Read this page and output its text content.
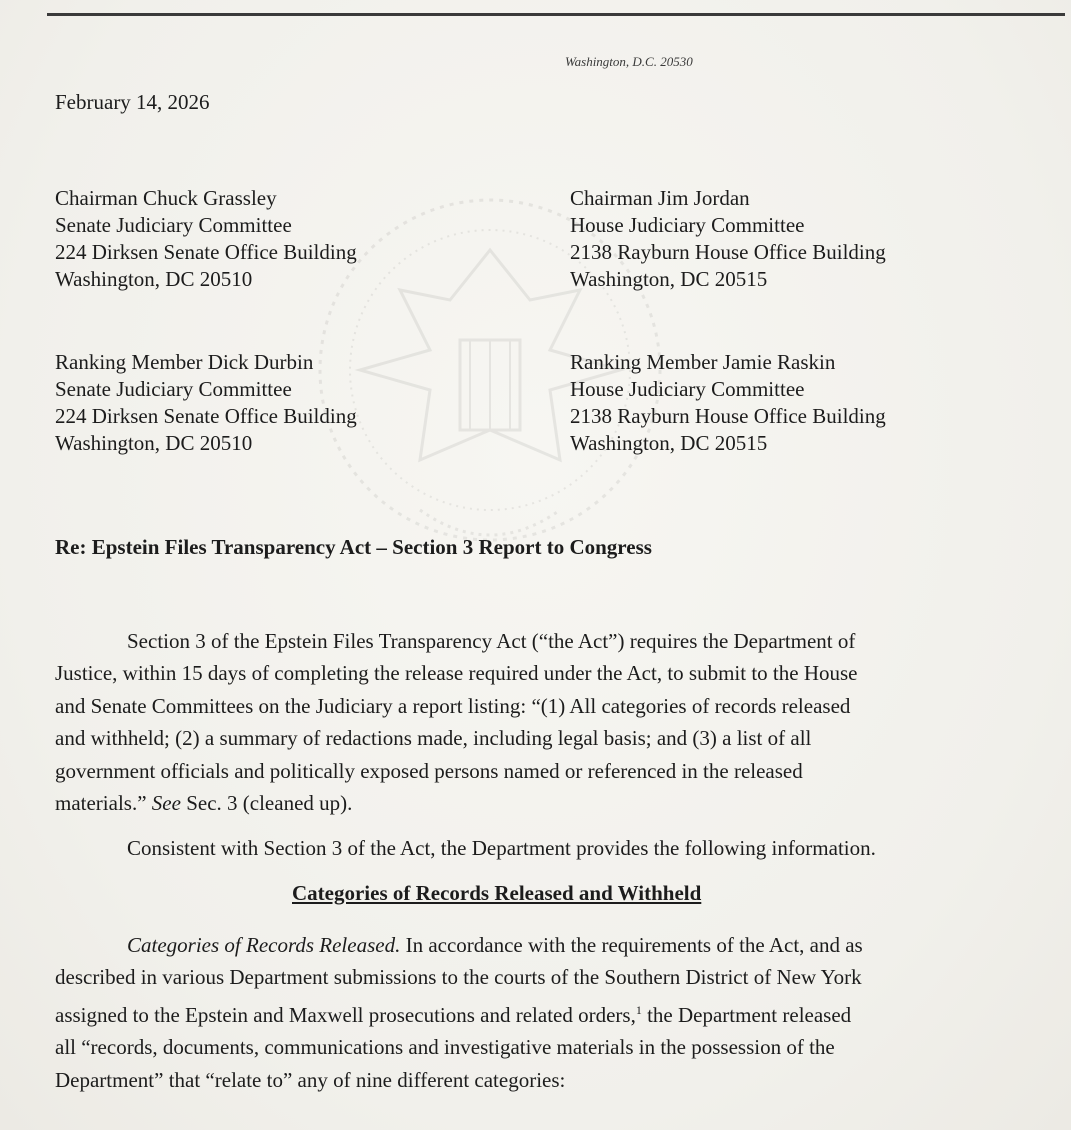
Washington, D.C. 20530
February 14, 2026
Chairman Chuck Grassley
Senate Judiciary Committee
224 Dirksen Senate Office Building
Washington, DC 20510
Chairman Jim Jordan
House Judiciary Committee
2138 Rayburn House Office Building
Washington, DC 20515
Ranking Member Dick Durbin
Senate Judiciary Committee
224 Dirksen Senate Office Building
Washington, DC 20510
Ranking Member Jamie Raskin
House Judiciary Committee
2138 Rayburn House Office Building
Washington, DC 20515
Re: Epstein Files Transparency Act – Section 3 Report to Congress
Section 3 of the Epstein Files Transparency Act (“the Act”) requires the Department of
Justice, within 15 days of completing the release required under the Act, to submit to the House
and Senate Committees on the Judiciary a report listing: “(1) All categories of records released
and withheld; (2) a summary of redactions made, including legal basis; and (3) a list of all
government officials and politically exposed persons named or referenced in the released
materials.” See Sec. 3 (cleaned up).
Consistent with Section 3 of the Act, the Department provides the following information.
Categories of Records Released and Withheld
Categories of Records Released. In accordance with the requirements of the Act, and as
described in various Department submissions to the courts of the Southern District of New York
assigned to the Epstein and Maxwell prosecutions and related orders,$^1$ the Department released
all “records, documents, communications and investigative materials in the possession of the
Department” that “relate to” any of nine different categories:
